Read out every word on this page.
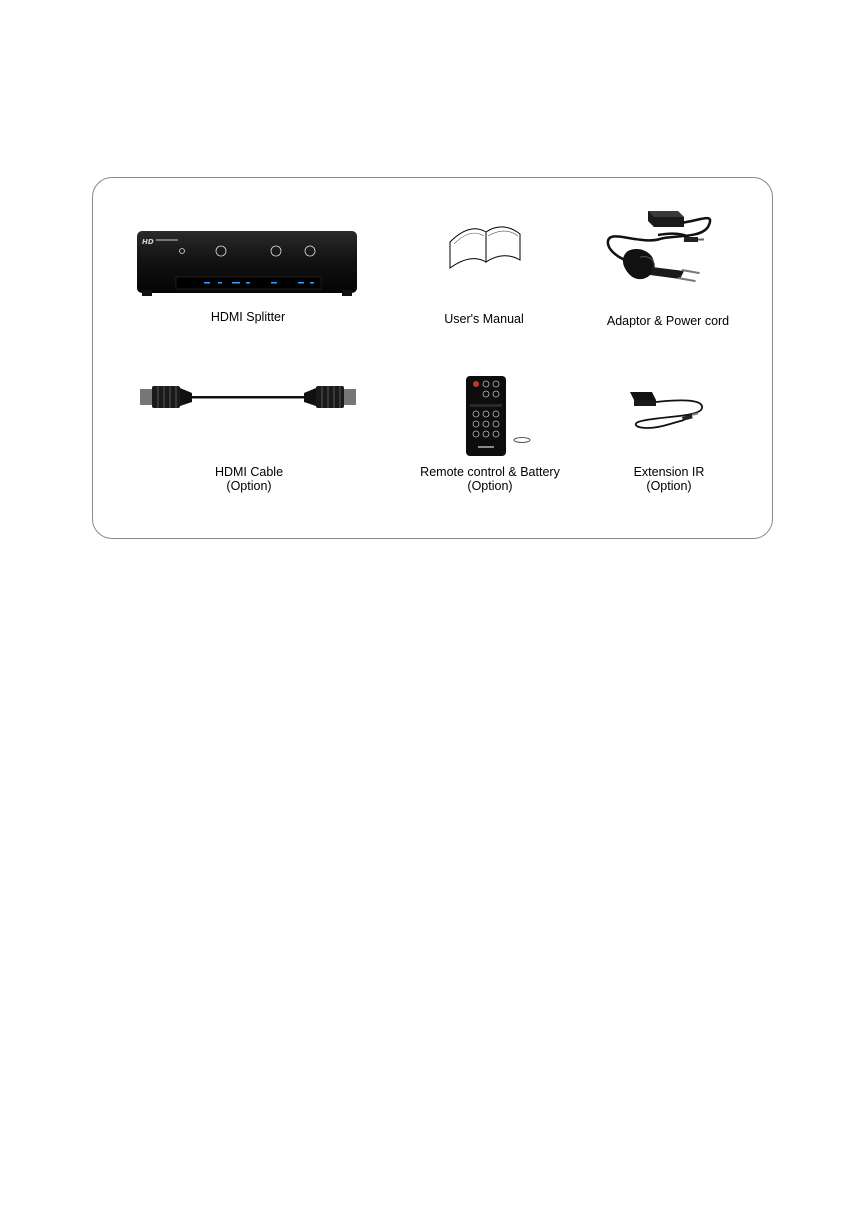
HD
HDMI Splitter	User's Manual	Adaptor & Power cord
HDMI Cable
(Option)
Remote control & Battery
(Option)
Extension IR
(Option)
